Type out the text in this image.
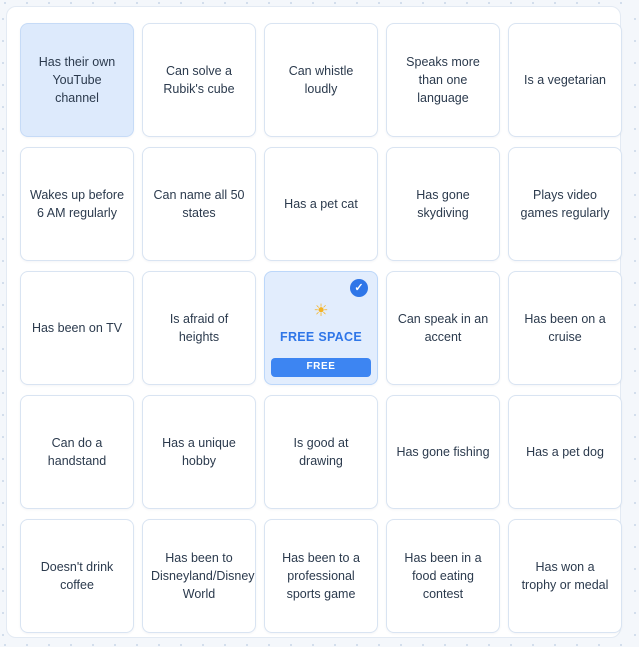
Has their own YouTube channel
Can solve a Rubik's cube
Can whistle loudly
Speaks more than one language
Is a vegetarian
Wakes up before 6 AM regularly
Can name all 50 states
Has a pet cat
Has gone skydiving
Plays video games regularly
Has been on TV
Is afraid of heights
✓
☀
FREE SPACE
FREE
Can speak in an accent
Has been on a cruise
Can do a handstand
Has a unique hobby
Is good at drawing
Has gone fishing	Has a pet dog
Doesn't drink coffee
Has been to Disneyland/Disney World
Has been to a professional sports game
Has been in a food eating contest
Has won a trophy or medal
